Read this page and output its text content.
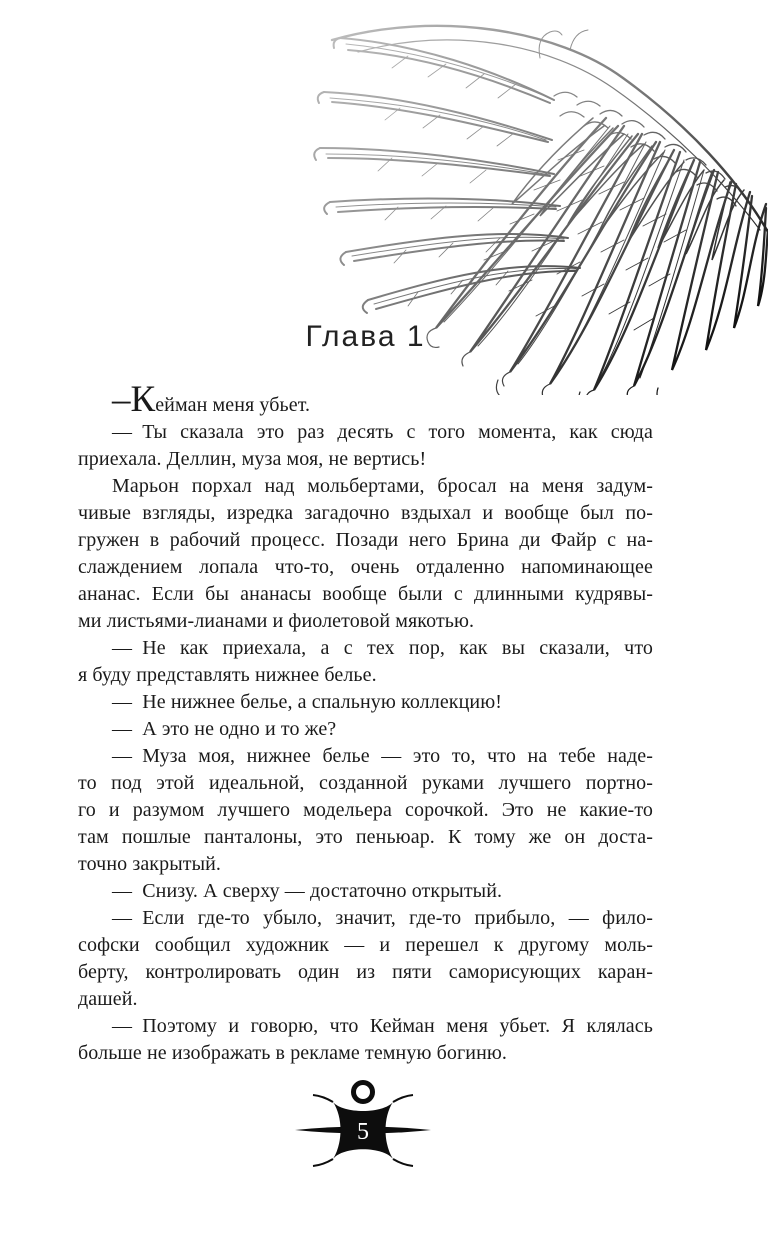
Глава 1
–Кейман меня убьет.
— Ты сказала это раз десять с того момента, как сюда
приехала. Деллин, муза моя, не вертись!
Марьон порхал над мольбертами, бросал на меня задум-
чивые взгляды, изредка загадочно вздыхал и вообще был по-
гружен в рабочий процесс. Позади него Брина ди Файр с на-
слаждением лопала что-то, очень отдаленно напоминающее
ананас. Если бы ананасы вообще были с длинными кудрявы-
ми листьями-лианами и фиолетовой мякотью.
— Не как приехала, а с тех пор, как вы сказали, что
я буду представлять нижнее белье.
— Не нижнее белье, а спальную коллекцию!
— А это не одно и то же?
— Муза моя, нижнее белье — это то, что на тебе наде-
то под этой идеальной, созданной руками лучшего портно-
го и разумом лучшего модельера сорочкой. Это не какие-то
там пошлые панталоны, это пеньюар. К тому же он доста-
точно закрытый.
— Снизу. А сверху — достаточно открытый.
— Если где-то убыло, значит, где-то прибыло, — фило-
софски сообщил художник — и перешел к другому моль-
берту, контролировать один из пяти саморисующих каран-
дашей.
— Поэтому и говорю, что Кейман меня убьет. Я клялась
больше не изображать в рекламе темную богиню.
5
